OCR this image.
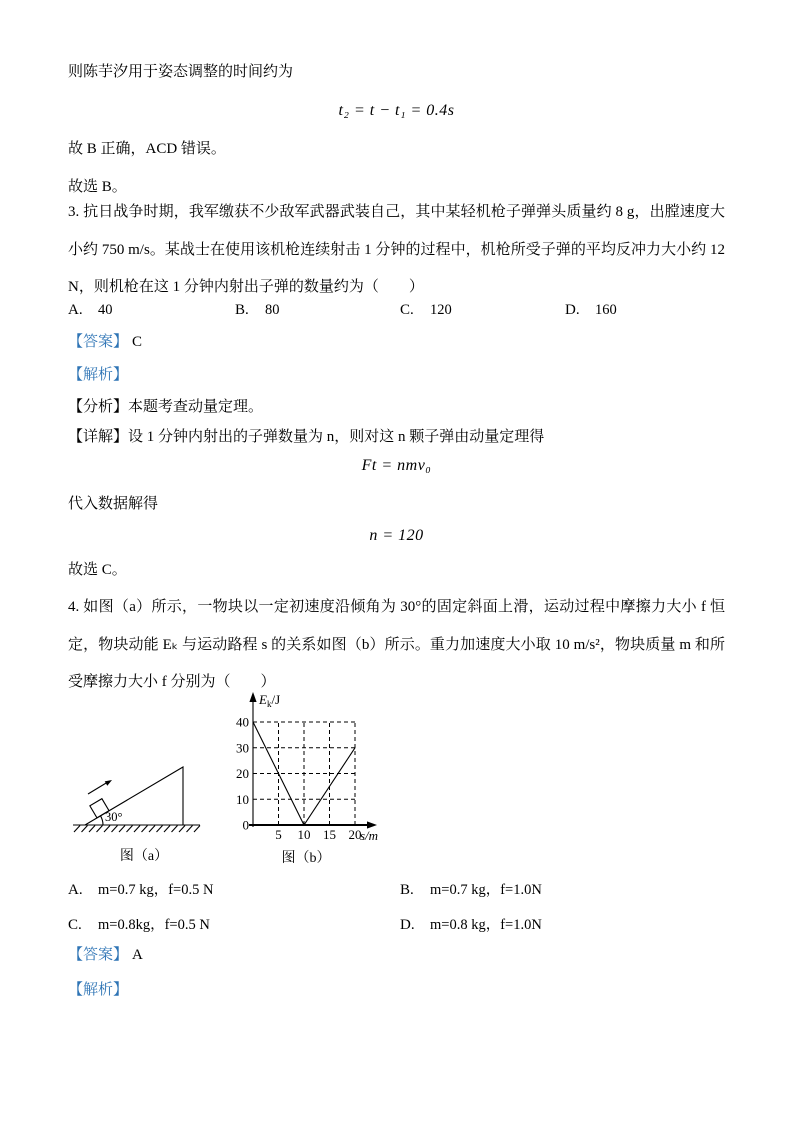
则陈芋汐用于姿态调整的时间约为
t₂ = t − t₁ = 0.4s
故 B 正确，ACD 错误。
故选 B。
3. 抗日战争时期，我军缴获不少敌军武器武装自己，其中某轻机枪子弹弹头质量约 8 g，出膛速度大小约 750 m/s。某战士在使用该机枪连续射击 1 分钟的过程中，机枪所受子弹的平均反冲力大小约 12 N，则机枪在这 1 分钟内射出子弹的数量约为（　　）
A. 40	B. 80	C. 120	D. 160
【答案】 C
【解析】
【分析】本题考查动量定理。
【详解】设 1 分钟内射出的子弹数量为 n，则对这 n 颗子弹由动量定理得
Ft = nmv₀
代入数据解得
n = 120
故选 C。
4. 如图（a）所示，一物块以一定初速度沿倾角为 30°的固定斜面上滑，运动过程中摩擦力大小 f 恒定，物块动能 Eₖ 与运动路程 s 的关系如图（b）所示。重力加速度大小取 10 m/s²，物块质量 m 和所受摩擦力大小 f 分别为（　　）
30°
图（a）
$E_k/J$
s/m
40
30
20
10
0
5 10 15 20
图（b）
A. m=0.7 kg，f=0.5 N	B. m=0.7 kg，f=1.0N
C. m=0.8kg，f=0.5 N	D. m=0.8 kg，f=1.0N
【答案】 A
【解析】
